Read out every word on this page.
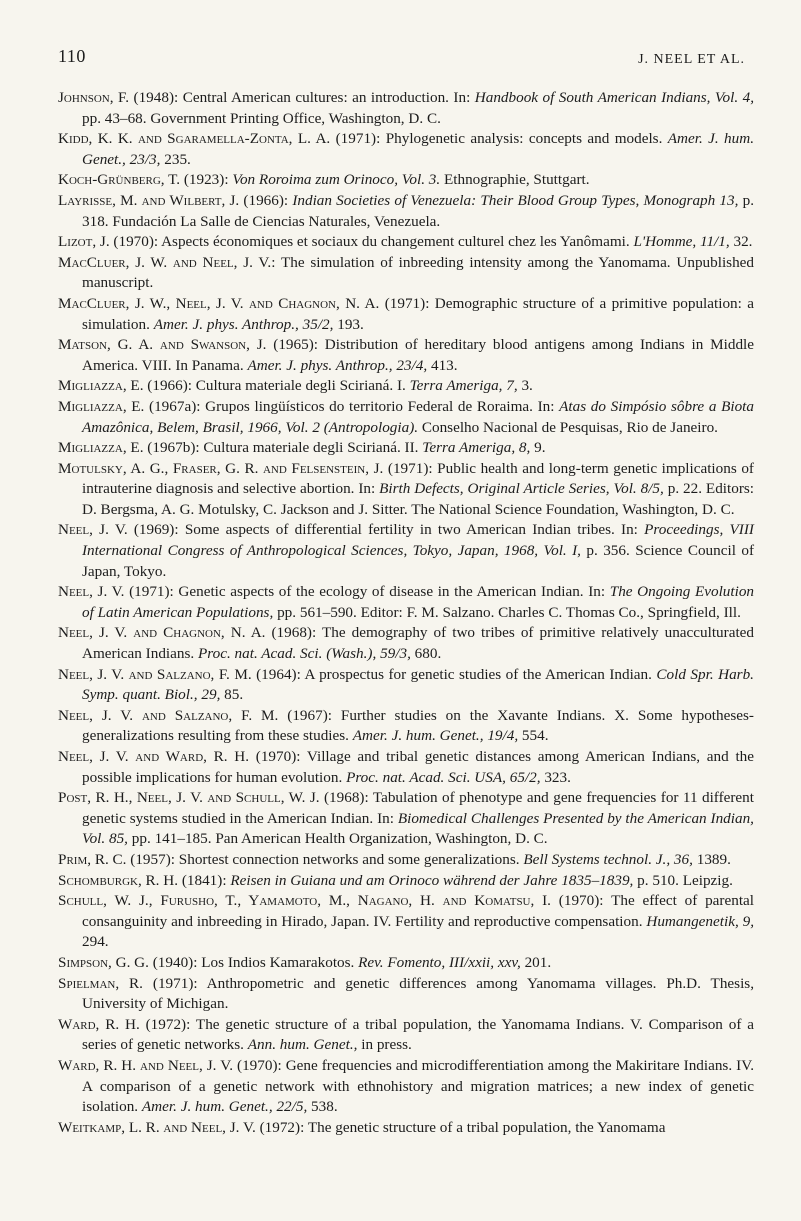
110	J. NEEL ET AL.

Johnson, F. (1948): Central American cultures: an introduction. In: Handbook of South American Indians, Vol. 4, pp. 43–68. Government Printing Office, Washington, D. C.

Kidd, K. K. and Sgaramella-Zonta, L. A. (1971): Phylogenetic analysis: concepts and models. Amer. J. hum. Genet., 23/3, 235.

Koch-Grünberg, T. (1923): Von Roroima zum Orinoco, Vol. 3. Ethnographie, Stuttgart.

Layrisse, M. and Wilbert, J. (1966): Indian Societies of Venezuela: Their Blood Group Types, Monograph 13, p. 318. Fundación La Salle de Ciencias Naturales, Venezuela.

Lizot, J. (1970): Aspects économiques et sociaux du changement culturel chez les Yanômami. L'Homme, 11/1, 32.

MacCluer, J. W. and Neel, J. V.: The simulation of inbreeding intensity among the Yanomama. Unpublished manuscript.

MacCluer, J. W., Neel, J. V. and Chagnon, N. A. (1971): Demographic structure of a primitive population: a simulation. Amer. J. phys. Anthrop., 35/2, 193.

Matson, G. A. and Swanson, J. (1965): Distribution of hereditary blood antigens among Indians in Middle America. VIII. In Panama. Amer. J. phys. Anthrop., 23/4, 413.

Migliazza, E. (1966): Cultura materiale degli Scirianá. I. Terra Ameriga, 7, 3.

Migliazza, E. (1967a): Grupos lingüísticos do territorio Federal de Roraima. In: Atas do Simpósio sôbre a Biota Amazônica, Belem, Brasil, 1966, Vol. 2 (Antropologia). Conselho Nacional de Pesquisas, Rio de Janeiro.

Migliazza, E. (1967b): Cultura materiale degli Scirianá. II. Terra Ameriga, 8, 9.

Motulsky, A. G., Fraser, G. R. and Felsenstein, J. (1971): Public health and long-term genetic implications of intrauterine diagnosis and selective abortion. In: Birth Defects, Original Article Series, Vol. 8/5, p. 22. Editors: D. Bergsma, A. G. Motulsky, C. Jackson and J. Sitter. The National Science Foundation, Washington, D. C.

Neel, J. V. (1969): Some aspects of differential fertility in two American Indian tribes. In: Proceedings, VIII International Congress of Anthropological Sciences, Tokyo, Japan, 1968, Vol. I, p. 356. Science Council of Japan, Tokyo.

Neel, J. V. (1971): Genetic aspects of the ecology of disease in the American Indian. In: The Ongoing Evolution of Latin American Populations, pp. 561–590. Editor: F. M. Salzano. Charles C. Thomas Co., Springfield, Ill.

Neel, J. V. and Chagnon, N. A. (1968): The demography of two tribes of primitive relatively unacculturated American Indians. Proc. nat. Acad. Sci. (Wash.), 59/3, 680.

Neel, J. V. and Salzano, F. M. (1964): A prospectus for genetic studies of the American Indian. Cold Spr. Harb. Symp. quant. Biol., 29, 85.

Neel, J. V. and Salzano, F. M. (1967): Further studies on the Xavante Indians. X. Some hypotheses-generalizations resulting from these studies. Amer. J. hum. Genet., 19/4, 554.

Neel, J. V. and Ward, R. H. (1970): Village and tribal genetic distances among American Indians, and the possible implications for human evolution. Proc. nat. Acad. Sci. USA, 65/2, 323.

Post, R. H., Neel, J. V. and Schull, W. J. (1968): Tabulation of phenotype and gene frequencies for 11 different genetic systems studied in the American Indian. In: Biomedical Challenges Presented by the American Indian, Vol. 85, pp. 141–185. Pan American Health Organization, Washington, D. C.

Prim, R. C. (1957): Shortest connection networks and some generalizations. Bell Systems technol. J., 36, 1389.

Schomburgk, R. H. (1841): Reisen in Guiana und am Orinoco während der Jahre 1835–1839, p. 510. Leipzig.

Schull, W. J., Furusho, T., Yamamoto, M., Nagano, H. and Komatsu, I. (1970): The effect of parental consanguinity and inbreeding in Hirado, Japan. IV. Fertility and reproductive compensation. Humangenetik, 9, 294.

Simpson, G. G. (1940): Los Indios Kamarakotos. Rev. Fomento, III/xxii, xxv, 201.

Spielman, R. (1971): Anthropometric and genetic differences among Yanomama villages. Ph.D. Thesis, University of Michigan.

Ward, R. H. (1972): The genetic structure of a tribal population, the Yanomama Indians. V. Comparison of a series of genetic networks. Ann. hum. Genet., in press.

Ward, R. H. and Neel, J. V. (1970): Gene frequencies and microdifferentiation among the Makiritare Indians. IV. A comparison of a genetic network with ethnohistory and migration matrices; a new index of genetic isolation. Amer. J. hum. Genet., 22/5, 538.

Weitkamp, L. R. and Neel, J. V. (1972): The genetic structure of a tribal population, the Yanomama
